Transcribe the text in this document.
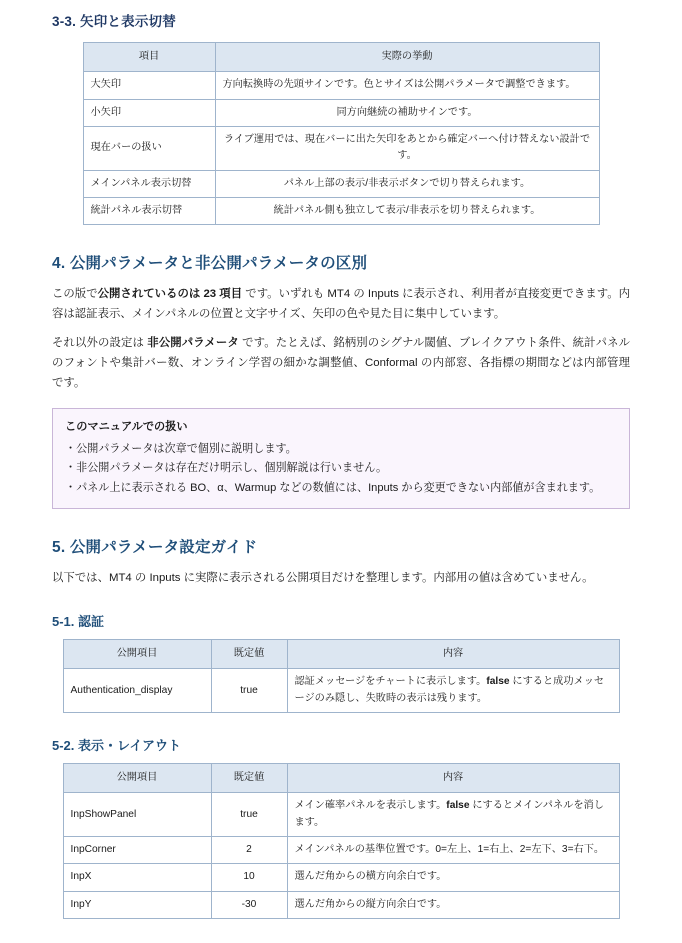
3-3. 矢印と表示切替
項目	実際の挙動
大矢印	方向転換時の先頭サインです。色とサイズは公開パラメータで調整できます。
小矢印	同方向継続の補助サインです。
現在バーの扱い	ライブ運用では、現在バーに出た矢印をあとから確定バーへ付け替えない設計です。
メインパネル表示切替	パネル上部の表示/非表示ボタンで切り替えられます。
統計パネル表示切替	統計パネル側も独立して表示/非表示を切り替えられます。
4. 公開パラメータと非公開パラメータの区別

この版で公開されているのは 23 項目 です。いずれも MT4 の Inputs に表示され、利用者が直接変更できます。内容は認証表示、メインパネルの位置と文字サイズ、矢印の色や見た目に集中しています。

それ以外の設定は 非公開パラメータ です。たとえば、銘柄別のシグナル閾値、ブレイクアウト条件、統計パネルのフォントや集計バー数、オンライン学習の細かな調整値、Conformal の内部窓、各指標の期間などは内部管理です。

このマニュアルでの扱い
・公開パラメータは次章で個別に説明します。
・非公開パラメータは存在だけ明示し、個別解説は行いません。
・パネル上に表示される BO、α、Warmup などの数値には、Inputs から変更できない内部値が含まれます。
5. 公開パラメータ設定ガイド

以下では、MT4 の Inputs に実際に表示される公開項目だけを整理します。内部用の値は含めていません。

5-1. 認証
公開項目	既定値	内容
Authentication_display	true	認証メッセージをチャートに表示します。false にすると成功メッセージのみ隠し、失敗時の表示は残ります。
5-2. 表示・レイアウト
公開項目	既定値	内容
InpShowPanel	true	メイン確率パネルを表示します。false にするとメインパネルを消します。
InpCorner	2	メインパネルの基準位置です。0=左上、1=右上、2=左下、3=右下。
InpX	10	選んだ角からの横方向余白です。
InpY	-30	選んだ角からの縦方向余白です。
